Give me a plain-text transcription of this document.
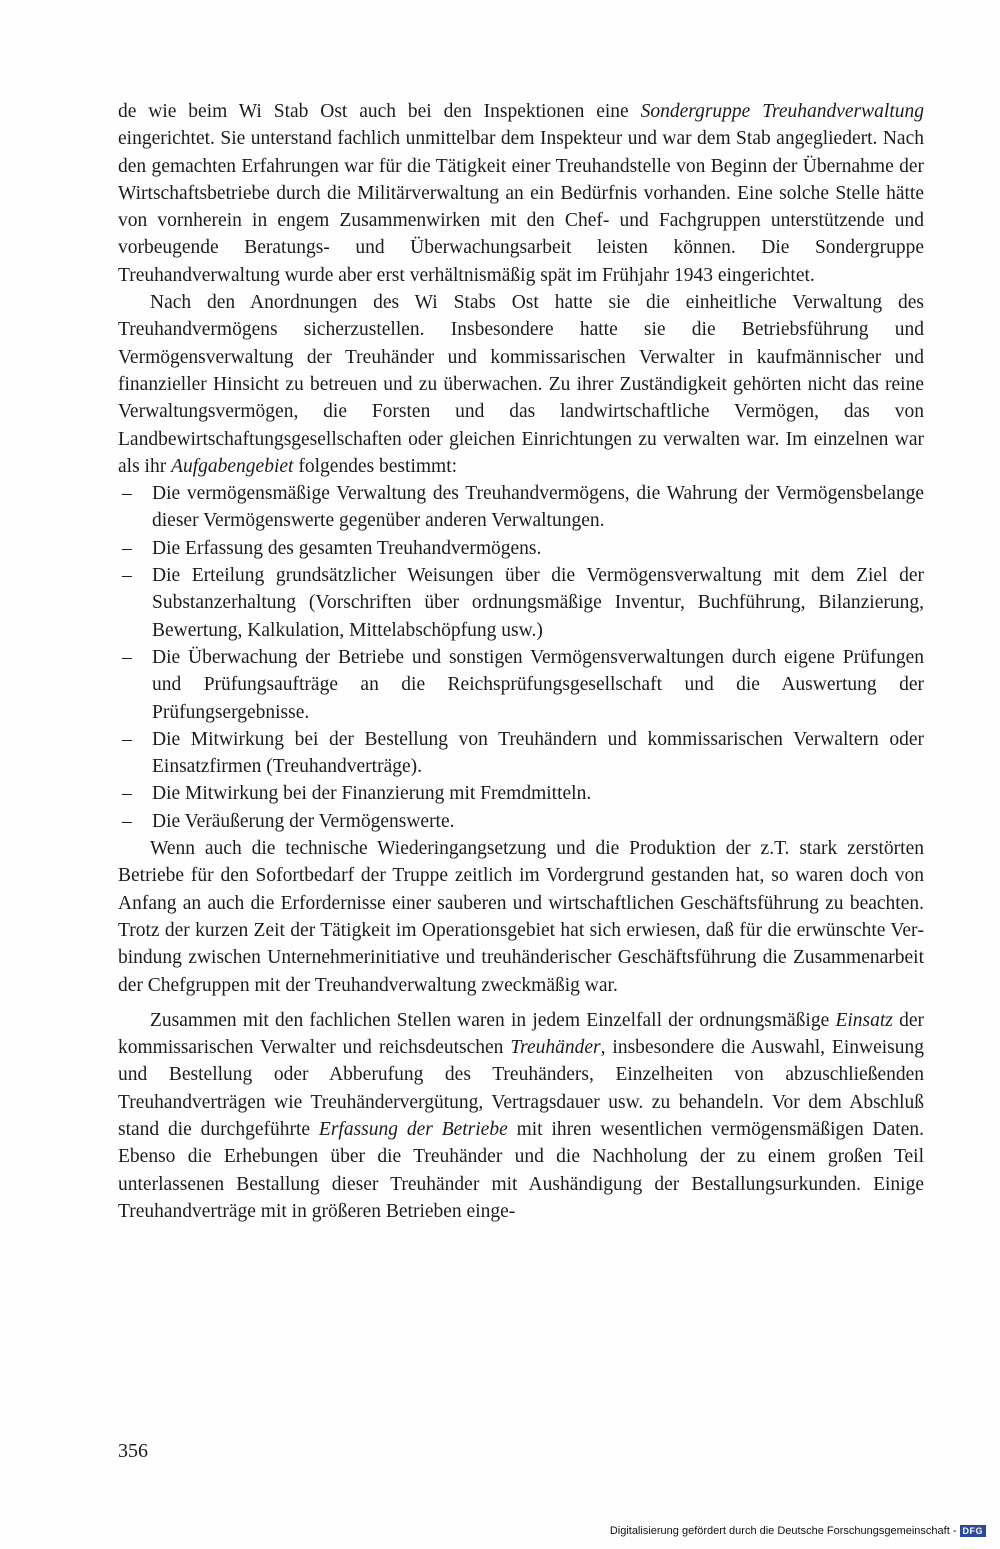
de wie beim Wi Stab Ost auch bei den Inspektionen eine Sondergruppe Treuhandverwaltung eingerichtet. Sie unterstand fachlich unmittelbar dem Inspekteur und war dem Stab angegliedert. Nach den gemachten Erfahrungen war für die Tätigkeit einer Treuhandstelle von Beginn der Übernahme der Wirtschaftsbetriebe durch die Militärverwaltung an ein Bedürfnis vorhanden. Eine solche Stelle hätte von vornherein in engem Zusammenwirken mit den Chef- und Fachgruppen unterstützende und vorbeugende Beratungs- und Überwachungsarbeit leisten können. Die Sondergruppe Treuhandverwaltung wurde aber erst verhältnismäßig spät im Frühjahr 1943 eingerichtet.

Nach den Anordnungen des Wi Stabs Ost hatte sie die einheitliche Verwaltung des Treuhandvermögens sicherzustellen. Insbesondere hatte sie die Betriebsführung und Vermögensverwaltung der Treuhänder und kommissarischen Verwalter in kaufmännischer und finanzieller Hinsicht zu betreuen und zu überwachen. Zu ihrer Zuständigkeit gehörten nicht das reine Verwaltungsvermögen, die Forsten und das landwirtschaftliche Vermögen, das von Landbewirtschaftungsgesellschaften oder gleichen Einrichtungen zu verwalten war. Im einzelnen war als ihr Aufgabengebiet folgendes bestimmt:

– Die vermögensmäßige Verwaltung des Treuhandvermögens, die Wahrung der Vermögensbelange dieser Vermögenswerte gegenüber anderen Verwaltungen.
– Die Erfassung des gesamten Treuhandvermögens.
– Die Erteilung grundsätzlicher Weisungen über die Vermögensverwaltung mit dem Ziel der Substanzerhaltung (Vorschriften über ordnungsmäßige Inventur, Buchführung, Bilanzierung, Bewertung, Kalkulation, Mittelabschöpfung usw.)
– Die Überwachung der Betriebe und sonstigen Vermögensverwaltungen durch eigene Prüfungen und Prüfungsaufträge an die Reichsprüfungsgesellschaft und die Auswertung der Prüfungsergebnisse.
– Die Mitwirkung bei der Bestellung von Treuhändern und kommissarischen Verwaltern oder Einsatzfirmen (Treuhandverträge).
– Die Mitwirkung bei der Finanzierung mit Fremdmitteln.
– Die Veräußerung der Vermögenswerte.

Wenn auch die technische Wiederingangsetzung und die Produktion der z.T. stark zerstörten Betriebe für den Sofortbedarf der Truppe zeitlich im Vordergrund gestanden hat, so waren doch von Anfang an auch die Erfordernisse einer sauberen und wirtschaftlichen Geschäftsführung zu beachten. Trotz der kurzen Zeit der Tätigkeit im Operationsgebiet hat sich erwiesen, daß für die erwünschte Verbindung zwischen Unternehmerinitiative und treuhänderischer Geschäftsführung die Zusammenarbeit der Chefgruppen mit der Treuhandverwaltung zweckmäßig war.

Zusammen mit den fachlichen Stellen waren in jedem Einzelfall der ordnungsmäßige Einsatz der kommissarischen Verwalter und reichsdeutschen Treuhänder, insbesondere die Auswahl, Einweisung und Bestellung oder Abberufung des Treuhänders, Einzelheiten von abzuschließenden Treuhandverträgen wie Treuhändervergütung, Vertragsdauer usw. zu behandeln. Vor dem Abschluß stand die durchgeführte Erfassung der Betriebe mit ihren wesentlichen vermögensmäßigen Daten. Ebenso die Erhebungen über die Treuhänder und die Nachholung der zu einem großen Teil unterlassenen Bestallung dieser Treuhänder mit Aushändigung der Bestallungsurkunden. Einige Treuhandverträge mit in größeren Betrieben einge-

356
Digitalisierung gefördert durch die Deutsche Forschungsgemeinschaft - DFG
